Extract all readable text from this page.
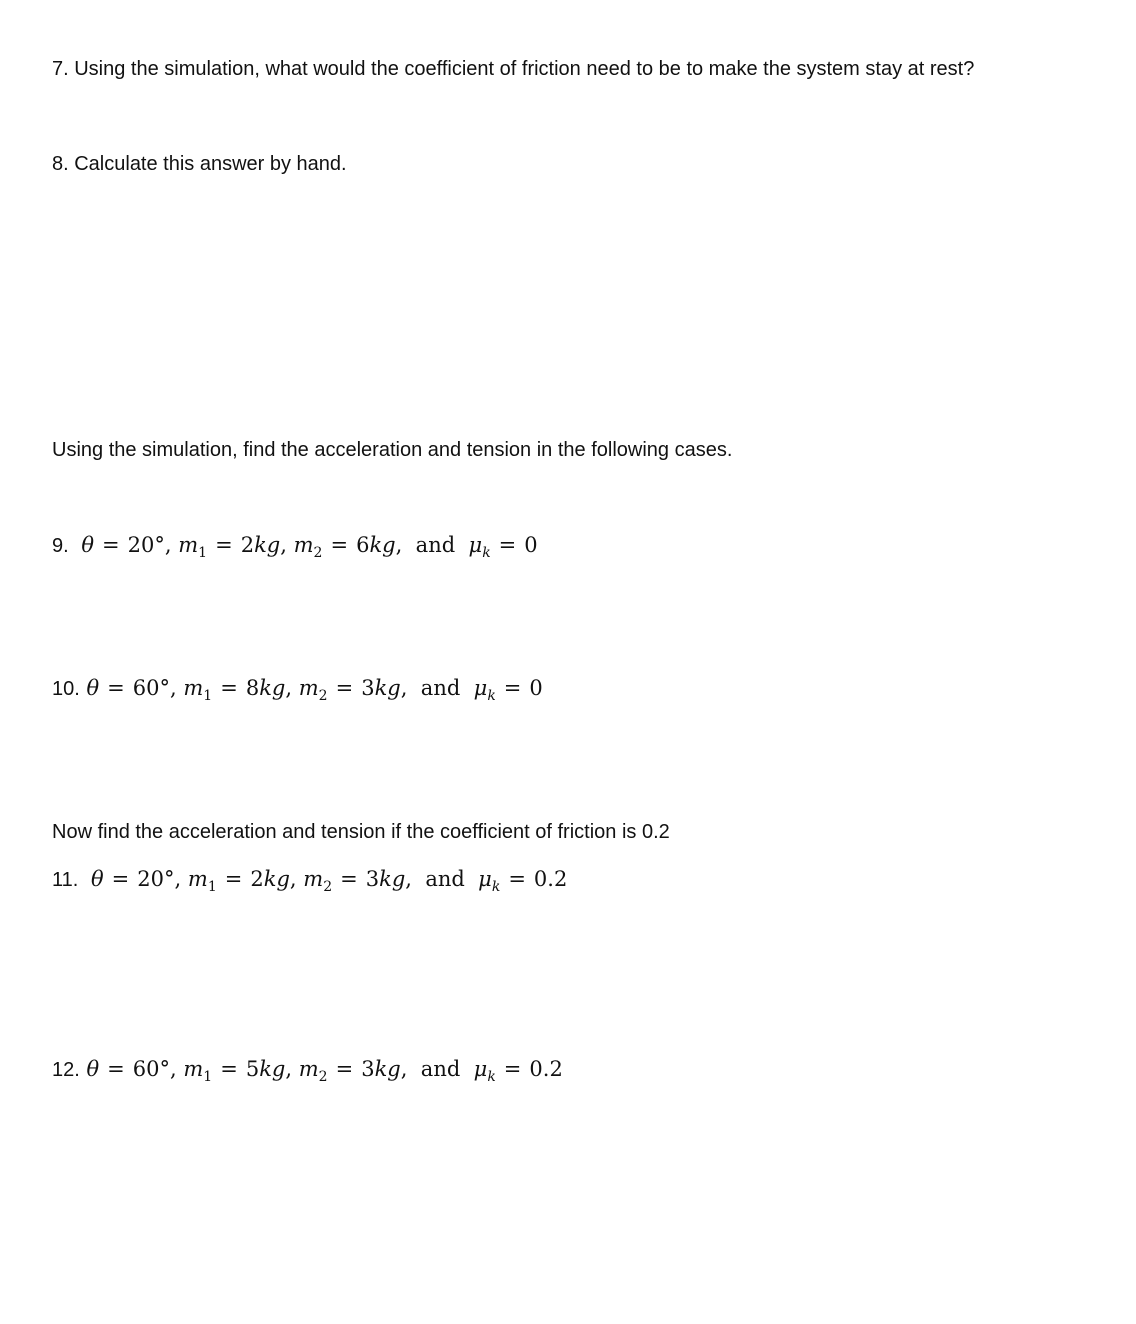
7. Using the simulation, what would the coefficient of friction need to be to make the system stay at rest?
8. Calculate this answer by hand.
Using the simulation, find the acceleration and tension in the following cases.
9. θ = 20°, $m_1 = 2kg$, $m_2 = 6kg$, and $\mu_k = 0$
10. θ = 60°, $m_1 = 8kg$, $m_2 = 3kg$, and $\mu_k = 0$
Now find the acceleration and tension if the coefficient of friction is 0.2
11. θ = 20°, $m_1 = 2kg$, $m_2 = 3kg$, and $\mu_k = 0.2$
12. θ = 60°, $m_1 = 5kg$, $m_2 = 3kg$, and $\mu_k = 0.2$
